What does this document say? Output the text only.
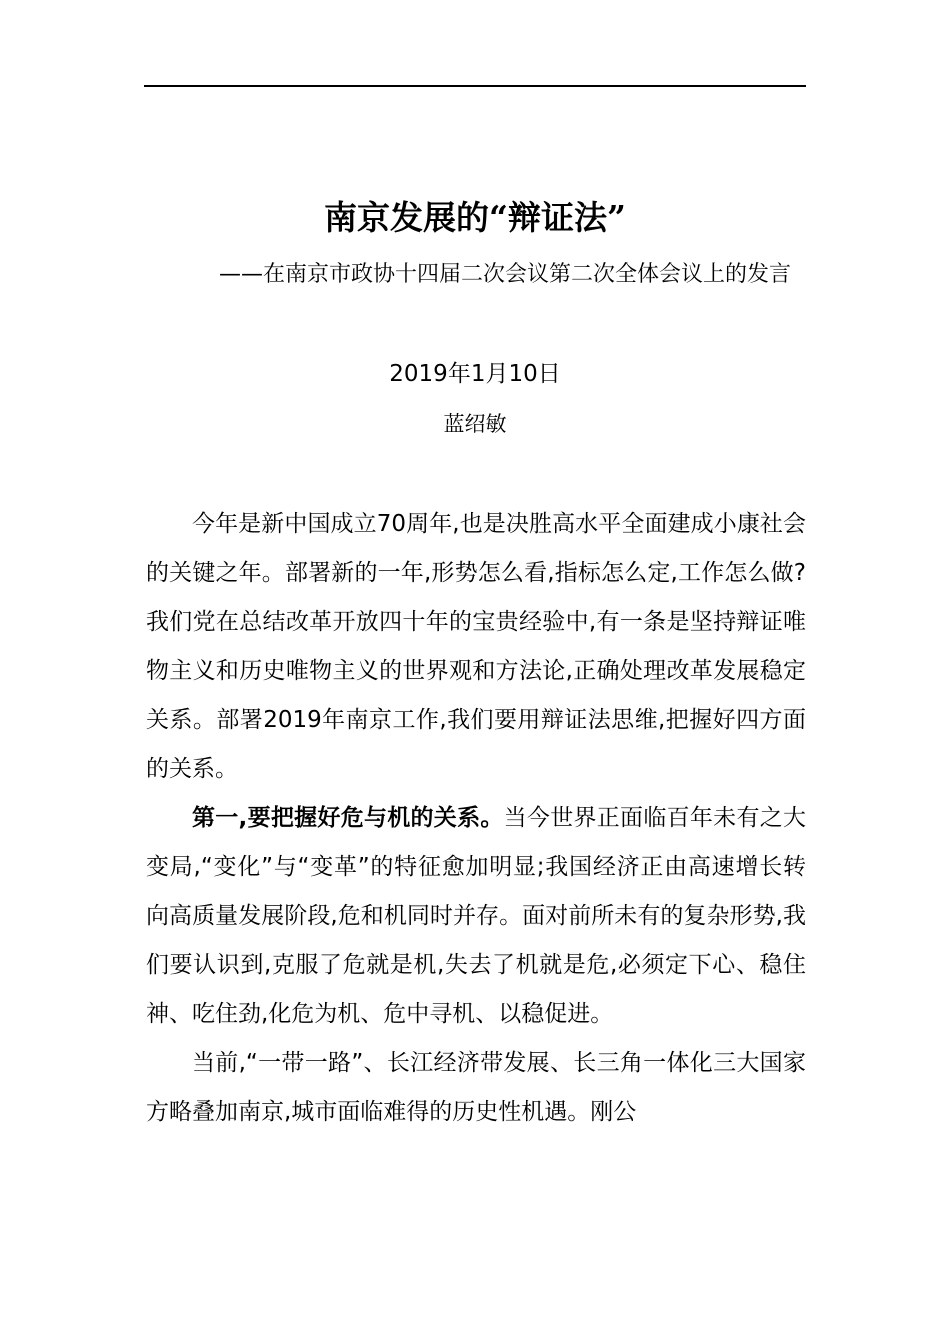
南京发展的“辩证法”
——在南京市政协十四届二次会议第二次全体会议上的发言
2019年1月10日
蓝绍敏

今年是新中国成立70周年,也是决胜高水平全面建成小康社会的关键之年。部署新的一年,形势怎么看,指标怎么定,工作怎么做?我们党在总结改革开放四十年的宝贵经验中,有一条是坚持辩证唯物主义和历史唯物主义的世界观和方法论,正确处理改革发展稳定关系。部署2019年南京工作,我们要用辩证法思维,把握好四方面的关系。

第一,要把握好危与机的关系。当今世界正面临百年未有之大变局,“变化”与“变革”的特征愈加明显;我国经济正由高速增长转向高质量发展阶段,危和机同时并存。面对前所未有的复杂形势,我们要认识到,克服了危就是机,失去了机就是危,必须定下心、稳住神、吃住劲,化危为机、危中寻机、以稳促进。

当前,“一带一路”、长江经济带发展、长三角一体化三大国家方略叠加南京,城市面临难得的历史性机遇。刚公
